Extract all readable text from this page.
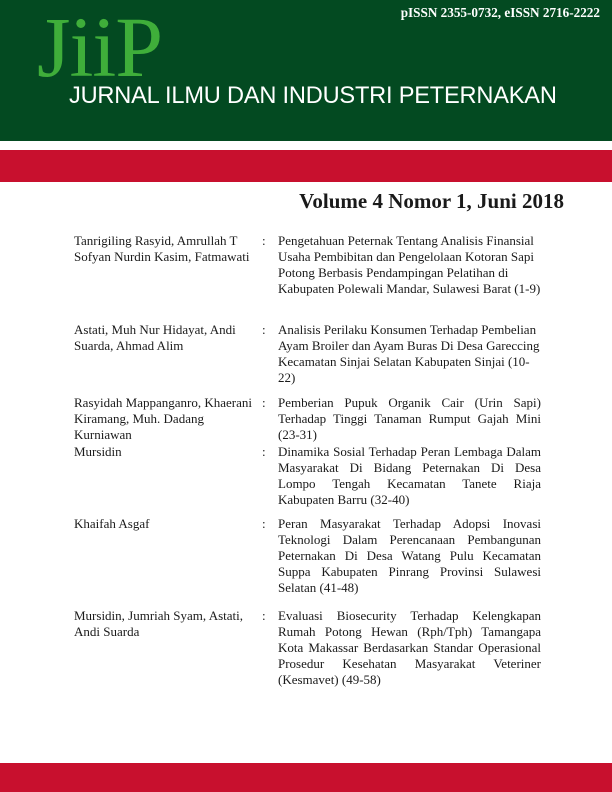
pISSN 2355-0732, eISSN 2716-2222
JiiP
JURNAL ILMU DAN INDUSTRI PETERNAKAN
Volume 4 Nomor 1, Juni 2018
Tanrigiling Rasyid, Amrullah T Sofyan Nurdin Kasim, Fatmawati
: Pengetahuan Peternak Tentang Analisis Finansial Usaha Pembibitan dan Pengelolaan Kotoran Sapi Potong Berbasis Pendampingan Pelatihan di Kabupaten Polewali Mandar, Sulawesi Barat (1-9)
Astati, Muh Nur Hidayat, Andi Suarda, Ahmad Alim
: Analisis Perilaku Konsumen Terhadap Pembelian Ayam Broiler dan Ayam Buras Di Desa Gareccing Kecamatan Sinjai Selatan Kabupaten Sinjai (10-22)
Rasyidah Mappanganro, Khaerani Kiramang, Muh. Dadang Kurniawan
: Pemberian Pupuk Organik Cair (Urin Sapi) Terhadap Tinggi Tanaman Rumput Gajah Mini (23-31)
Mursidin	: Dinamika Sosial Terhadap Peran Lembaga Dalam Masyarakat Di Bidang Peternakan Di Desa Lompo Tengah Kecamatan Tanete Riaja Kabupaten Barru (32-40)
Khaifah Asgaf	: Peran Masyarakat Terhadap Adopsi Inovasi Teknologi Dalam Perencanaan Pembangunan Peternakan Di Desa Watang Pulu Kecamatan Suppa Kabupaten Pinrang Provinsi Sulawesi Selatan (41-48)
Mursidin, Jumriah Syam, Astati, Andi Suarda
: Evaluasi Biosecurity Terhadap Kelengkapan Rumah Potong Hewan (Rph/Tph) Tamangapa Kota Makassar Berdasarkan Standar Operasional Prosedur Kesehatan Masyarakat Veteriner (Kesmavet) (49-58)
